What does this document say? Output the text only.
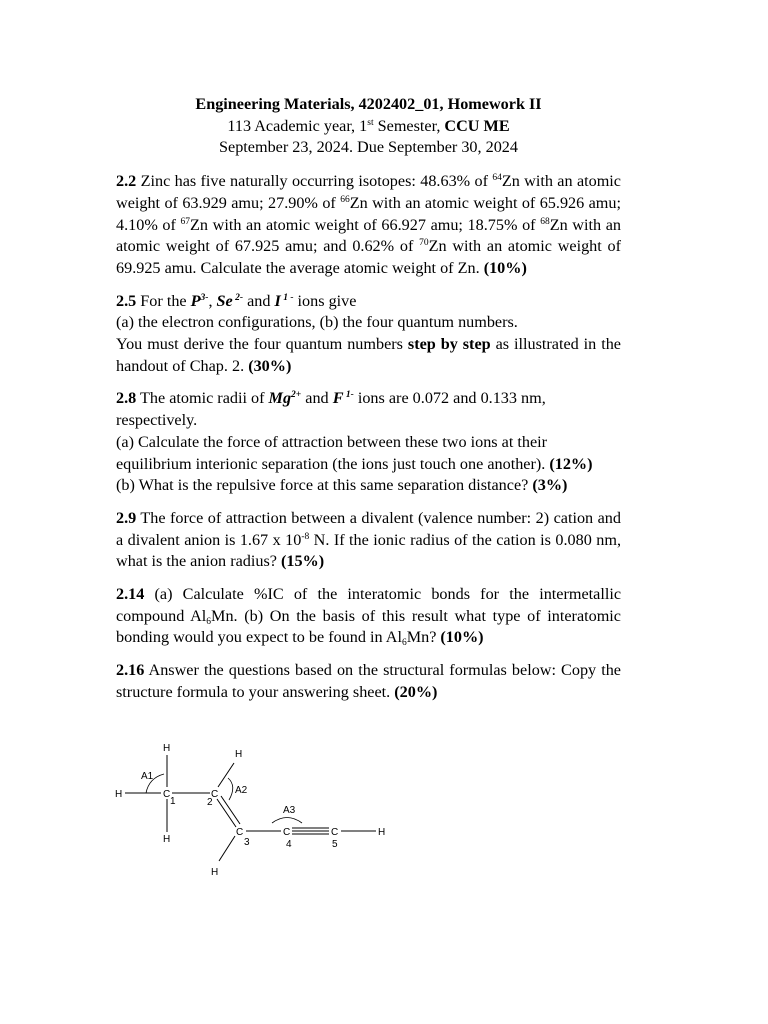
Engineering Materials, 4202402_01, Homework II
113 Academic year, 1st Semester, CCU ME
September 23, 2024. Due September 30, 2024

2.2 Zinc has five naturally occurring isotopes: 48.63% of $^{64}$Zn with an atomic weight of 63.929 amu; 27.90% of $^{66}$Zn with an atomic weight of 65.926 amu; 4.10% of $^{67}$Zn with an atomic weight of 66.927 amu; 18.75% of $^{68}$Zn with an atomic weight of 67.925 amu; and 0.62% of $^{70}$Zn with an atomic weight of 69.925 amu. Calculate the average atomic weight of Zn. (10%)

2.5 For the $P^{3-}$, Se $^{2-}$ and I $^{1 -}$ ions give
(a) the electron configurations, (b) the four quantum numbers.
You must derive the four quantum numbers step by step as illustrated in the handout of Chap. 2. (30%)

2.8 The atomic radii of $Mg^{2+}$ and F $^{1-}$ ions are 0.072 and 0.133 nm, respectively.
(a) Calculate the force of attraction between these two ions at their equilibrium interionic separation (the ions just touch one another). (12%)
(b) What is the repulsive force at this same separation distance? (3%)

2.9 The force of attraction between a divalent (valence number: 2) cation and a divalent anion is 1.67 x $10^{-8}$ N. If the ionic radius of the cation is 0.080 nm, what is the anion radius? (15%)

2.14 (a) Calculate %IC of the interatomic bonds for the intermetallic compound $Al_6Mn$. (b) On the basis of this result what type of interatomic bonding would you expect to be found in $Al_6Mn$? (10%)

2.16 Answer the questions based on the structural formulas below: Copy the structure formula to your answering sheet. (20%)

H
H	C
H
H
C
C
H
C	C	H
1	2
3	4	5
A1
A2
A3
